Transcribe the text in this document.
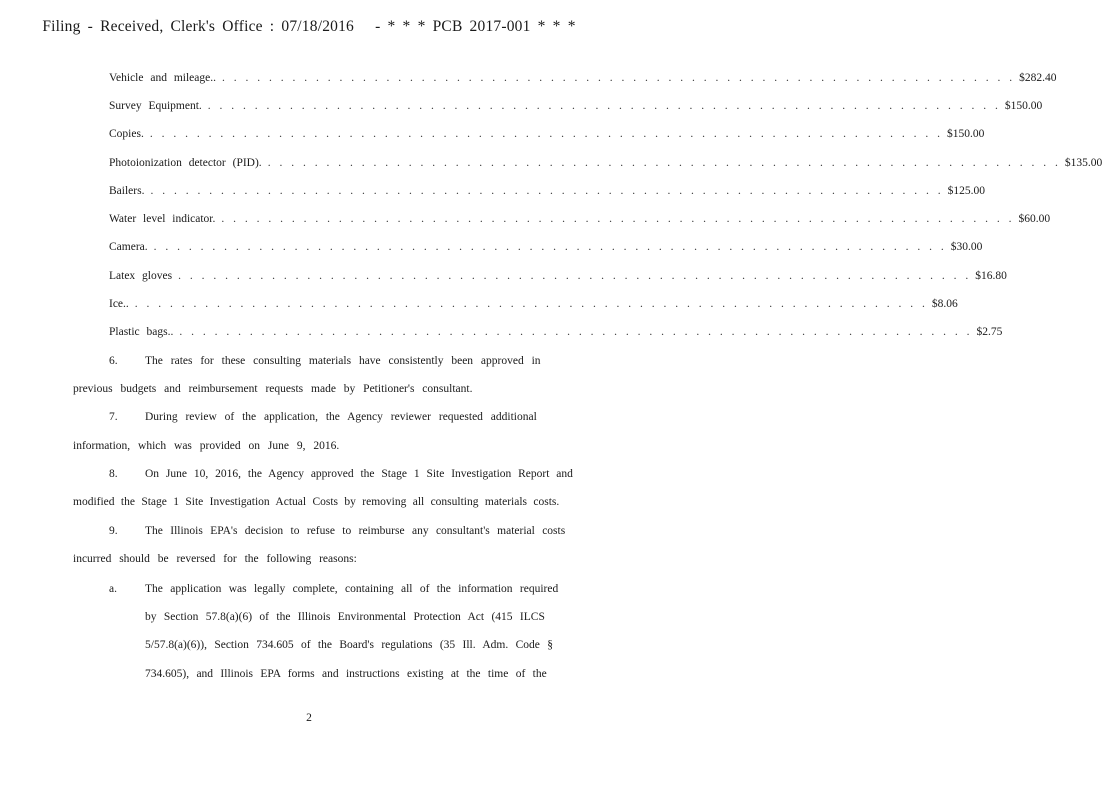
Filing - Received, Clerk's Office : 07/18/2016 - * * * PCB 2017-001 * * *
Vehicle and mileage.. . . . . . . . . . . . . . . . . . . . . . . . . . . . . . . . . . . . . . . . . . . . . . . . . . . . . . . . . . . . . . . . . . . . . $282.40
Survey Equipment. . . . . . . . . . . . . . . . . . . . . . . . . . . . . . . . . . . . . . . . . . . . . . . . . . . . . . . . . . . . . . . . . . . . . $150.00
Copies. . . . . . . . . . . . . . . . . . . . . . . . . . . . . . . . . . . . . . . . . . . . . . . . . . . . . . . . . . . . . . . . . . . . . $150.00
Photoionization detector (PID). . . . . . . . . . . . . . . . . . . . . . . . . . . . . . . . . . . . . . . . . . . . . . . . . . . . . . . . . . . . . . . . . . . . . $135.00
Bailers. . . . . . . . . . . . . . . . . . . . . . . . . . . . . . . . . . . . . . . . . . . . . . . . . . . . . . . . . . . . . . . . . . . . . $125.00
Water level indicator. . . . . . . . . . . . . . . . . . . . . . . . . . . . . . . . . . . . . . . . . . . . . . . . . . . . . . . . . . . . . . . . . . . . . $60.00
Camera. . . . . . . . . . . . . . . . . . . . . . . . . . . . . . . . . . . . . . . . . . . . . . . . . . . . . . . . . . . . . . . . . . . . . $30.00
Latex gloves . . . . . . . . . . . . . . . . . . . . . . . . . . . . . . . . . . . . . . . . . . . . . . . . . . . . . . . . . . . . . . . . . . . . $16.80
Ice.. . . . . . . . . . . . . . . . . . . . . . . . . . . . . . . . . . . . . . . . . . . . . . . . . . . . . . . . . . . . . . . . . . . . . $8.06
Plastic bags.. . . . . . . . . . . . . . . . . . . . . . . . . . . . . . . . . . . . . . . . . . . . . . . . . . . . . . . . . . . . . . . . . . . . . $2.75
6. The rates for these consulting materials have consistently been approved in
previous budgets and reimbursement requests made by Petitioner's consultant.
7. During review of the application, the Agency reviewer requested additional
information, which was provided on June 9, 2016.
8. On June 10, 2016, the Agency approved the Stage 1 Site Investigation Report and
modified the Stage 1 Site Investigation Actual Costs by removing all consulting materials costs.
9. The Illinois EPA's decision to refuse to reimburse any consultant's material costs
incurred should be reversed for the following reasons:
a. The application was legally complete, containing all of the information required
by Section 57.8(a)(6) of the Illinois Environmental Protection Act (415 ILCS
5/57.8(a)(6)), Section 734.605 of the Board's regulations (35 Ill. Adm. Code §
734.605), and Illinois EPA forms and instructions existing at the time of the
2
